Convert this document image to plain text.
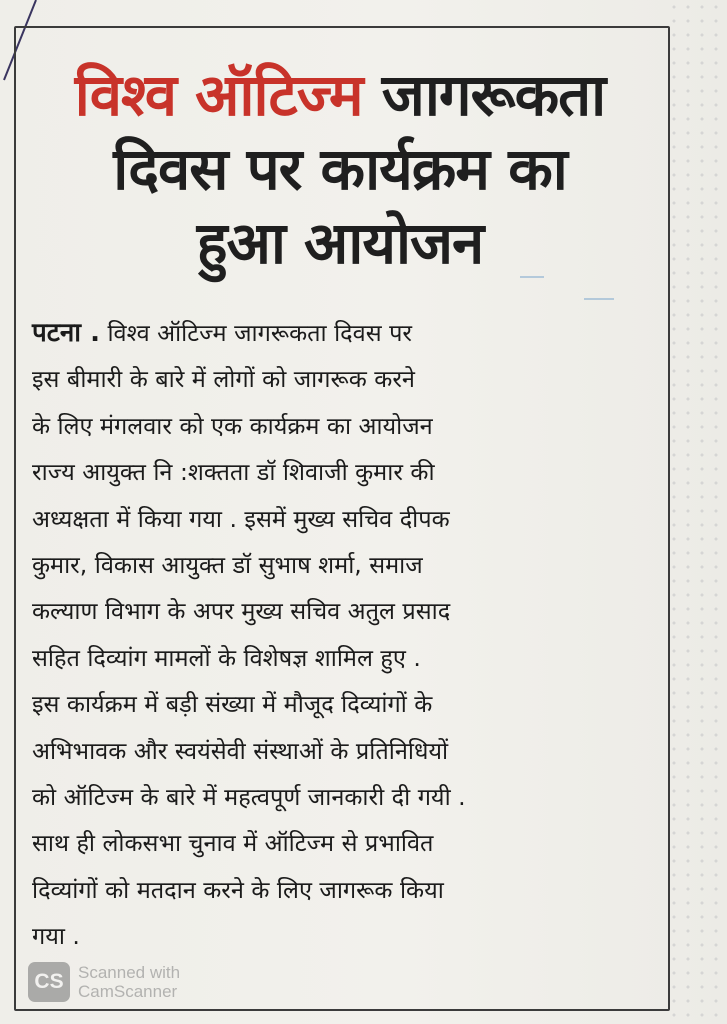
विश्व ऑटिज्म जागरूकता
दिवस पर कार्यक्रम का
हुआ आयोजन
पटना . विश्व ऑटिज्म जागरूकता दिवस पर
इस बीमारी के बारे में लोगों को जागरूक करने
के लिए मंगलवार को एक कार्यक्रम का आयोजन
राज्य आयुक्त नि :शक्तता डॉ शिवाजी कुमार की
अध्यक्षता में किया गया . इसमें मुख्य सचिव दीपक
कुमार, विकास आयुक्त डॉ सुभाष शर्मा, समाज
कल्याण विभाग के अपर मुख्य सचिव अतुल प्रसाद
सहित दिव्यांग मामलों के विशेषज्ञ शामिल हुए .
इस कार्यक्रम में बड़ी संख्या में मौजूद दिव्यांगों के
अभिभावक और स्वयंसेवी संस्थाओं के प्रतिनिधियों
को ऑटिज्म के बारे में महत्वपूर्ण जानकारी दी गयी .
साथ ही लोकसभा चुनाव में ऑटिज्म से प्रभावित
दिव्यांगों को मतदान करने के लिए जागरूक किया
गया .
CS Scanned with
CamScanner
